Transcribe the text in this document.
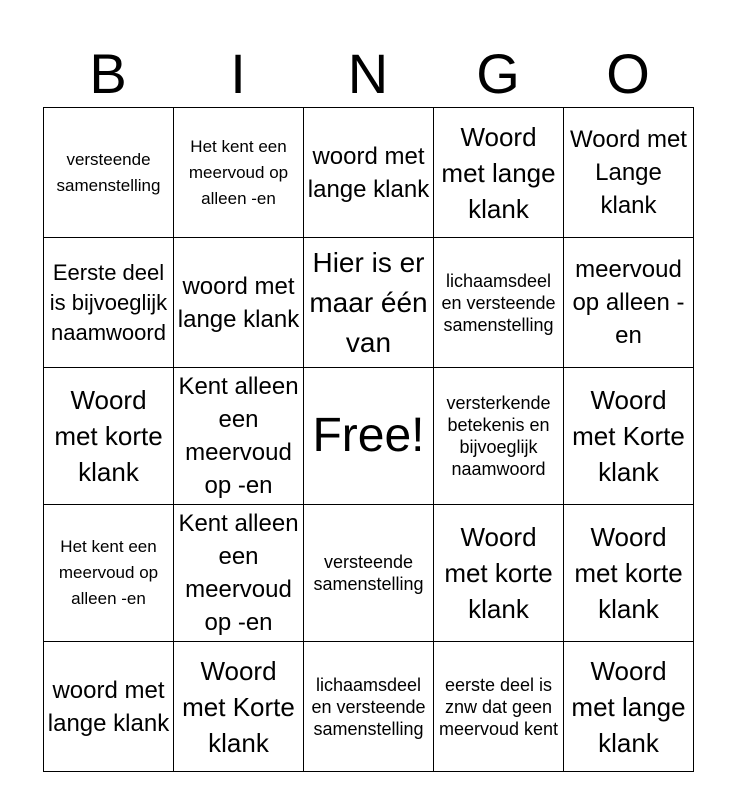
B	I	N	G	O
versteende samenstelling	Het kent een meervoud op alleen -en	woord met lange klank	Woord met lange klank	Woord met Lange klank
Eerste deel is bijvoeglijk naamwoord	woord met lange klank	Hier is er maar één van	lichaamsdeel en versteende samenstelling	meervoud op alleen -en
Woord met korte klank	Kent alleen een meervoud op -en	Free!	versterkende betekenis en bijvoeglijk naamwoord	Woord met Korte klank
Het kent een meervoud op alleen -en	Kent alleen een meervoud op -en	versteende samenstelling	Woord met korte klank	Woord met korte klank
woord met lange klank	Woord met Korte klank	lichaamsdeel en versteende samenstelling	eerste deel is znw dat geen meervoud kent	Woord met lange klank
